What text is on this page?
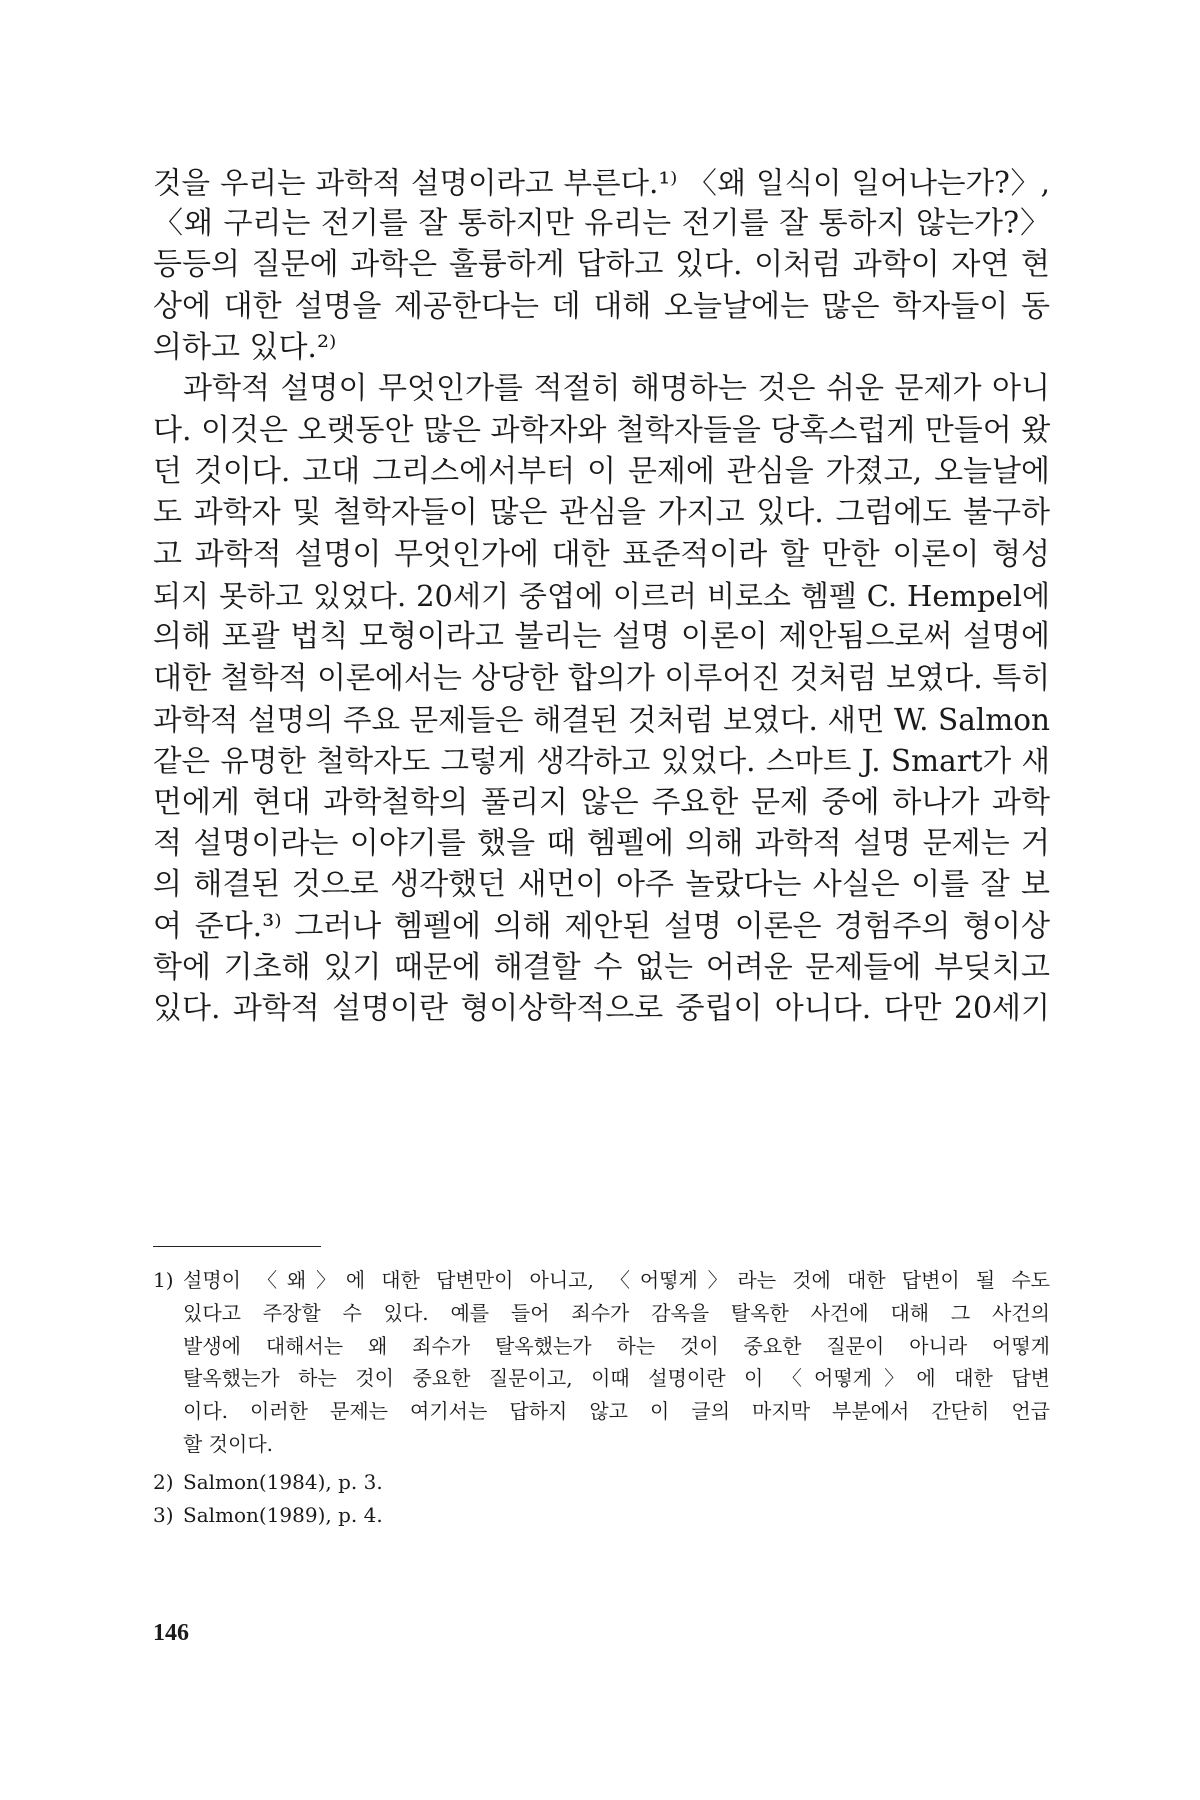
것을 우리는 과학적 설명이라고 부른다.¹⁾ 〈왜 일식이 일어나는가?〉,
〈왜 구리는 전기를 잘 통하지만 유리는 전기를 잘 통하지 않는가?〉
등등의 질문에 과학은 훌륭하게 답하고 있다. 이처럼 과학이 자연 현
상에 대한 설명을 제공한다는 데 대해 오늘날에는 많은 학자들이 동
의하고 있다.²⁾
과학적 설명이 무엇인가를 적절히 해명하는 것은 쉬운 문제가 아니
다. 이것은 오랫동안 많은 과학자와 철학자들을 당혹스럽게 만들어 왔
던 것이다. 고대 그리스에서부터 이 문제에 관심을 가졌고, 오늘날에
도 과학자 및 철학자들이 많은 관심을 가지고 있다. 그럼에도 불구하
고 과학적 설명이 무엇인가에 대한 표준적이라 할 만한 이론이 형성
되지 못하고 있었다. 20세기 중엽에 이르러 비로소 헴펠 C. Hempel에
의해 포괄 법칙 모형이라고 불리는 설명 이론이 제안됨으로써 설명에
대한 철학적 이론에서는 상당한 합의가 이루어진 것처럼 보였다. 특히
과학적 설명의 주요 문제들은 해결된 것처럼 보였다. 새먼 W. Salmon
같은 유명한 철학자도 그렇게 생각하고 있었다. 스마트 J. Smart가 새
먼에게 현대 과학철학의 풀리지 않은 주요한 문제 중에 하나가 과학
적 설명이라는 이야기를 했을 때 헴펠에 의해 과학적 설명 문제는 거
의 해결된 것으로 생각했던 새먼이 아주 놀랐다는 사실은 이를 잘 보
여 준다.³⁾ 그러나 헴펠에 의해 제안된 설명 이론은 경험주의 형이상
학에 기초해 있기 때문에 해결할 수 없는 어려운 문제들에 부딪치고
있다. 과학적 설명이란 형이상학적으로 중립이 아니다. 다만 20세기
1) 설명이 〈왜〉에 대한 답변만이 아니고, 〈어떻게〉라는 것에 대한 답변이 될 수도
있다고 주장할 수 있다. 예를 들어 죄수가 감옥을 탈옥한 사건에 대해 그 사건의
발생에 대해서는 왜 죄수가 탈옥했는가 하는 것이 중요한 질문이 아니라 어떻게
탈옥했는가 하는 것이 중요한 질문이고, 이때 설명이란 이 〈어떻게〉에 대한 답변
이다. 이러한 문제는 여기서는 답하지 않고 이 글의 마지막 부분에서 간단히 언급
할 것이다.
2) Salmon(1984), p. 3.
3) Salmon(1989), p. 4.
146
